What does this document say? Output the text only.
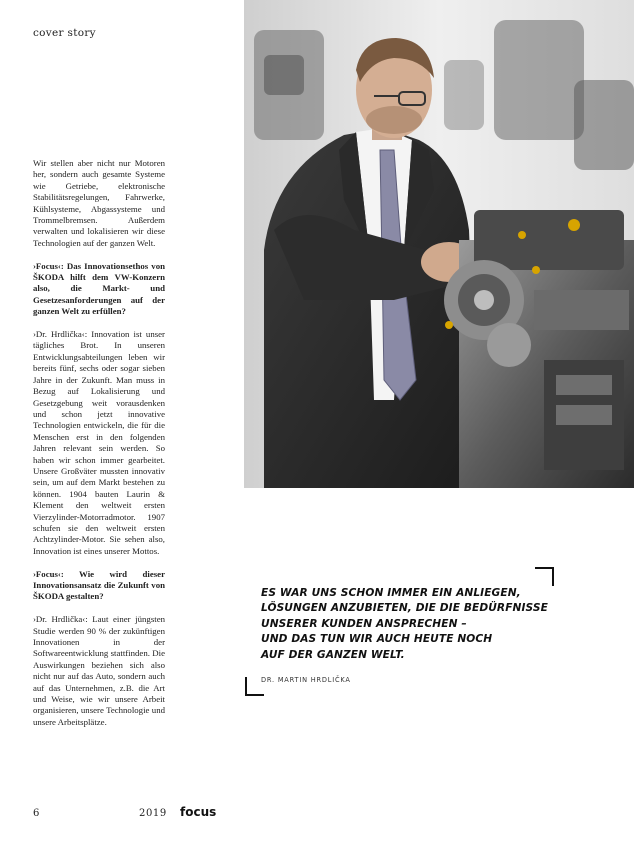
cover story

Wir stellen aber nicht nur Motoren her, sondern auch gesamte Systeme wie Getriebe, elektronische Stabilitätsregelungen, Fahrwerke, Kühlsysteme, Abgassysteme und Trommelbremsen. Außerdem verwalten und lokalisieren wir diese Technologien auf der ganzen Welt.

›Focus‹: Das Innovationsethos von ŠKODA hilft dem VW-Konzern also, die Markt- und Gesetzesanforderungen auf der ganzen Welt zu erfüllen?

›Dr. Hrdlička‹: Innovation ist unser tägliches Brot. In unseren Entwicklungsabteilungen leben wir bereits fünf, sechs oder sogar sieben Jahre in der Zukunft. Man muss in Bezug auf Lokalisierung und Gesetzgebung weit vorausdenken und schon jetzt innovative Technologien entwickeln, die für die Menschen erst in den folgenden Jahren relevant sein werden. So haben wir schon immer gearbeitet. Unsere Großväter mussten innovativ sein, um auf dem Markt bestehen zu können. 1904 bauten Laurin & Klement den weltweit ersten Vierzylinder-Motorradmotor. 1907 schufen sie den weltweit ersten Achtzylinder-Motor. Sie sehen also, Innovation ist eines unserer Mottos.

›Focus‹: Wie wird dieser Innovationsansatz die Zukunft von ŠKODA gestalten?

›Dr. Hrdlička‹: Laut einer jüngsten Studie werden 90 % der zukünftigen Innovationen in der Softwareentwicklung stattfinden. Die Auswirkungen beziehen sich also nicht nur auf das Auto, sondern auch auf das Unternehmen, z.B. die Art und Weise, wie wir unsere Arbeit organisieren, unsere Technologie und unsere Arbeitsplätze.

ES WAR UNS SCHON IMMER EIN ANLIEGEN,
LÖSUNGEN ANZUBIETEN, DIE DIE BEDÜRFNISSE
UNSERER KUNDEN ANSPRECHEN –
UND DAS TUN WIR AUCH HEUTE NOCH
AUF DER GANZEN WELT.
DR. MARTIN HRDLIČKA
6	2019 focus
